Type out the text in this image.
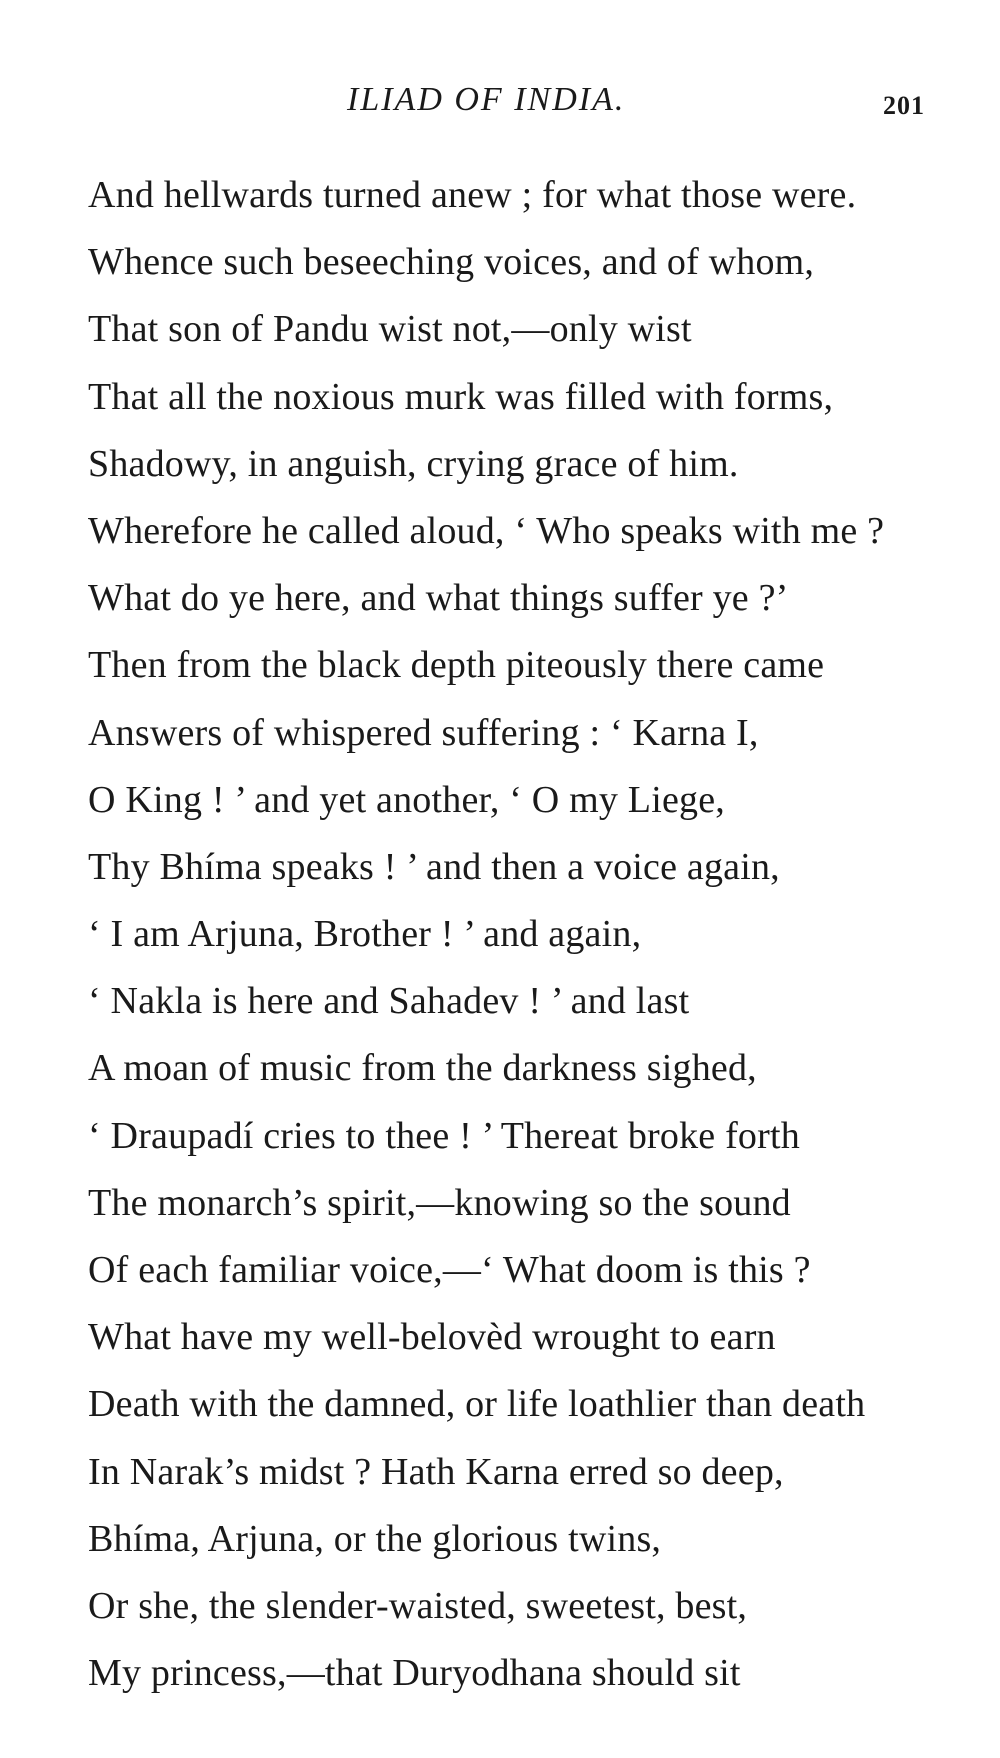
ILIAD OF INDIA.	201
And hellwards turned anew ; for what those were.
Whence such beseeching voices, and of whom,
That son of Pandu wist not,—only wist
That all the noxious murk was filled with forms,
Shadowy, in anguish, crying grace of him.
Wherefore he called aloud, ‘ Who speaks with me ?
What do ye here, and what things suffer ye ?’
Then from the black depth piteously there came
Answers of whispered suffering : ‘ Karna I,
O King ! ’ and yet another, ‘ O my Liege,
Thy Bhíma speaks ! ’ and then a voice again,
‘ I am Arjuna, Brother ! ’ and again,
‘ Nakla is here and Sahadev ! ’ and last
A moan of music from the darkness sighed,
‘ Draupadí cries to thee ! ’ Thereat broke forth
The monarch’s spirit,—knowing so the sound
Of each familiar voice,—‘ What doom is this ?
What have my well-belovèd wrought to earn
Death with the damned, or life loathlier than death
In Narak’s midst ? Hath Karna erred so deep,
Bhíma, Arjuna, or the glorious twins,
Or she, the slender-waisted, sweetest, best,
My princess,—that Duryodhana should sit
